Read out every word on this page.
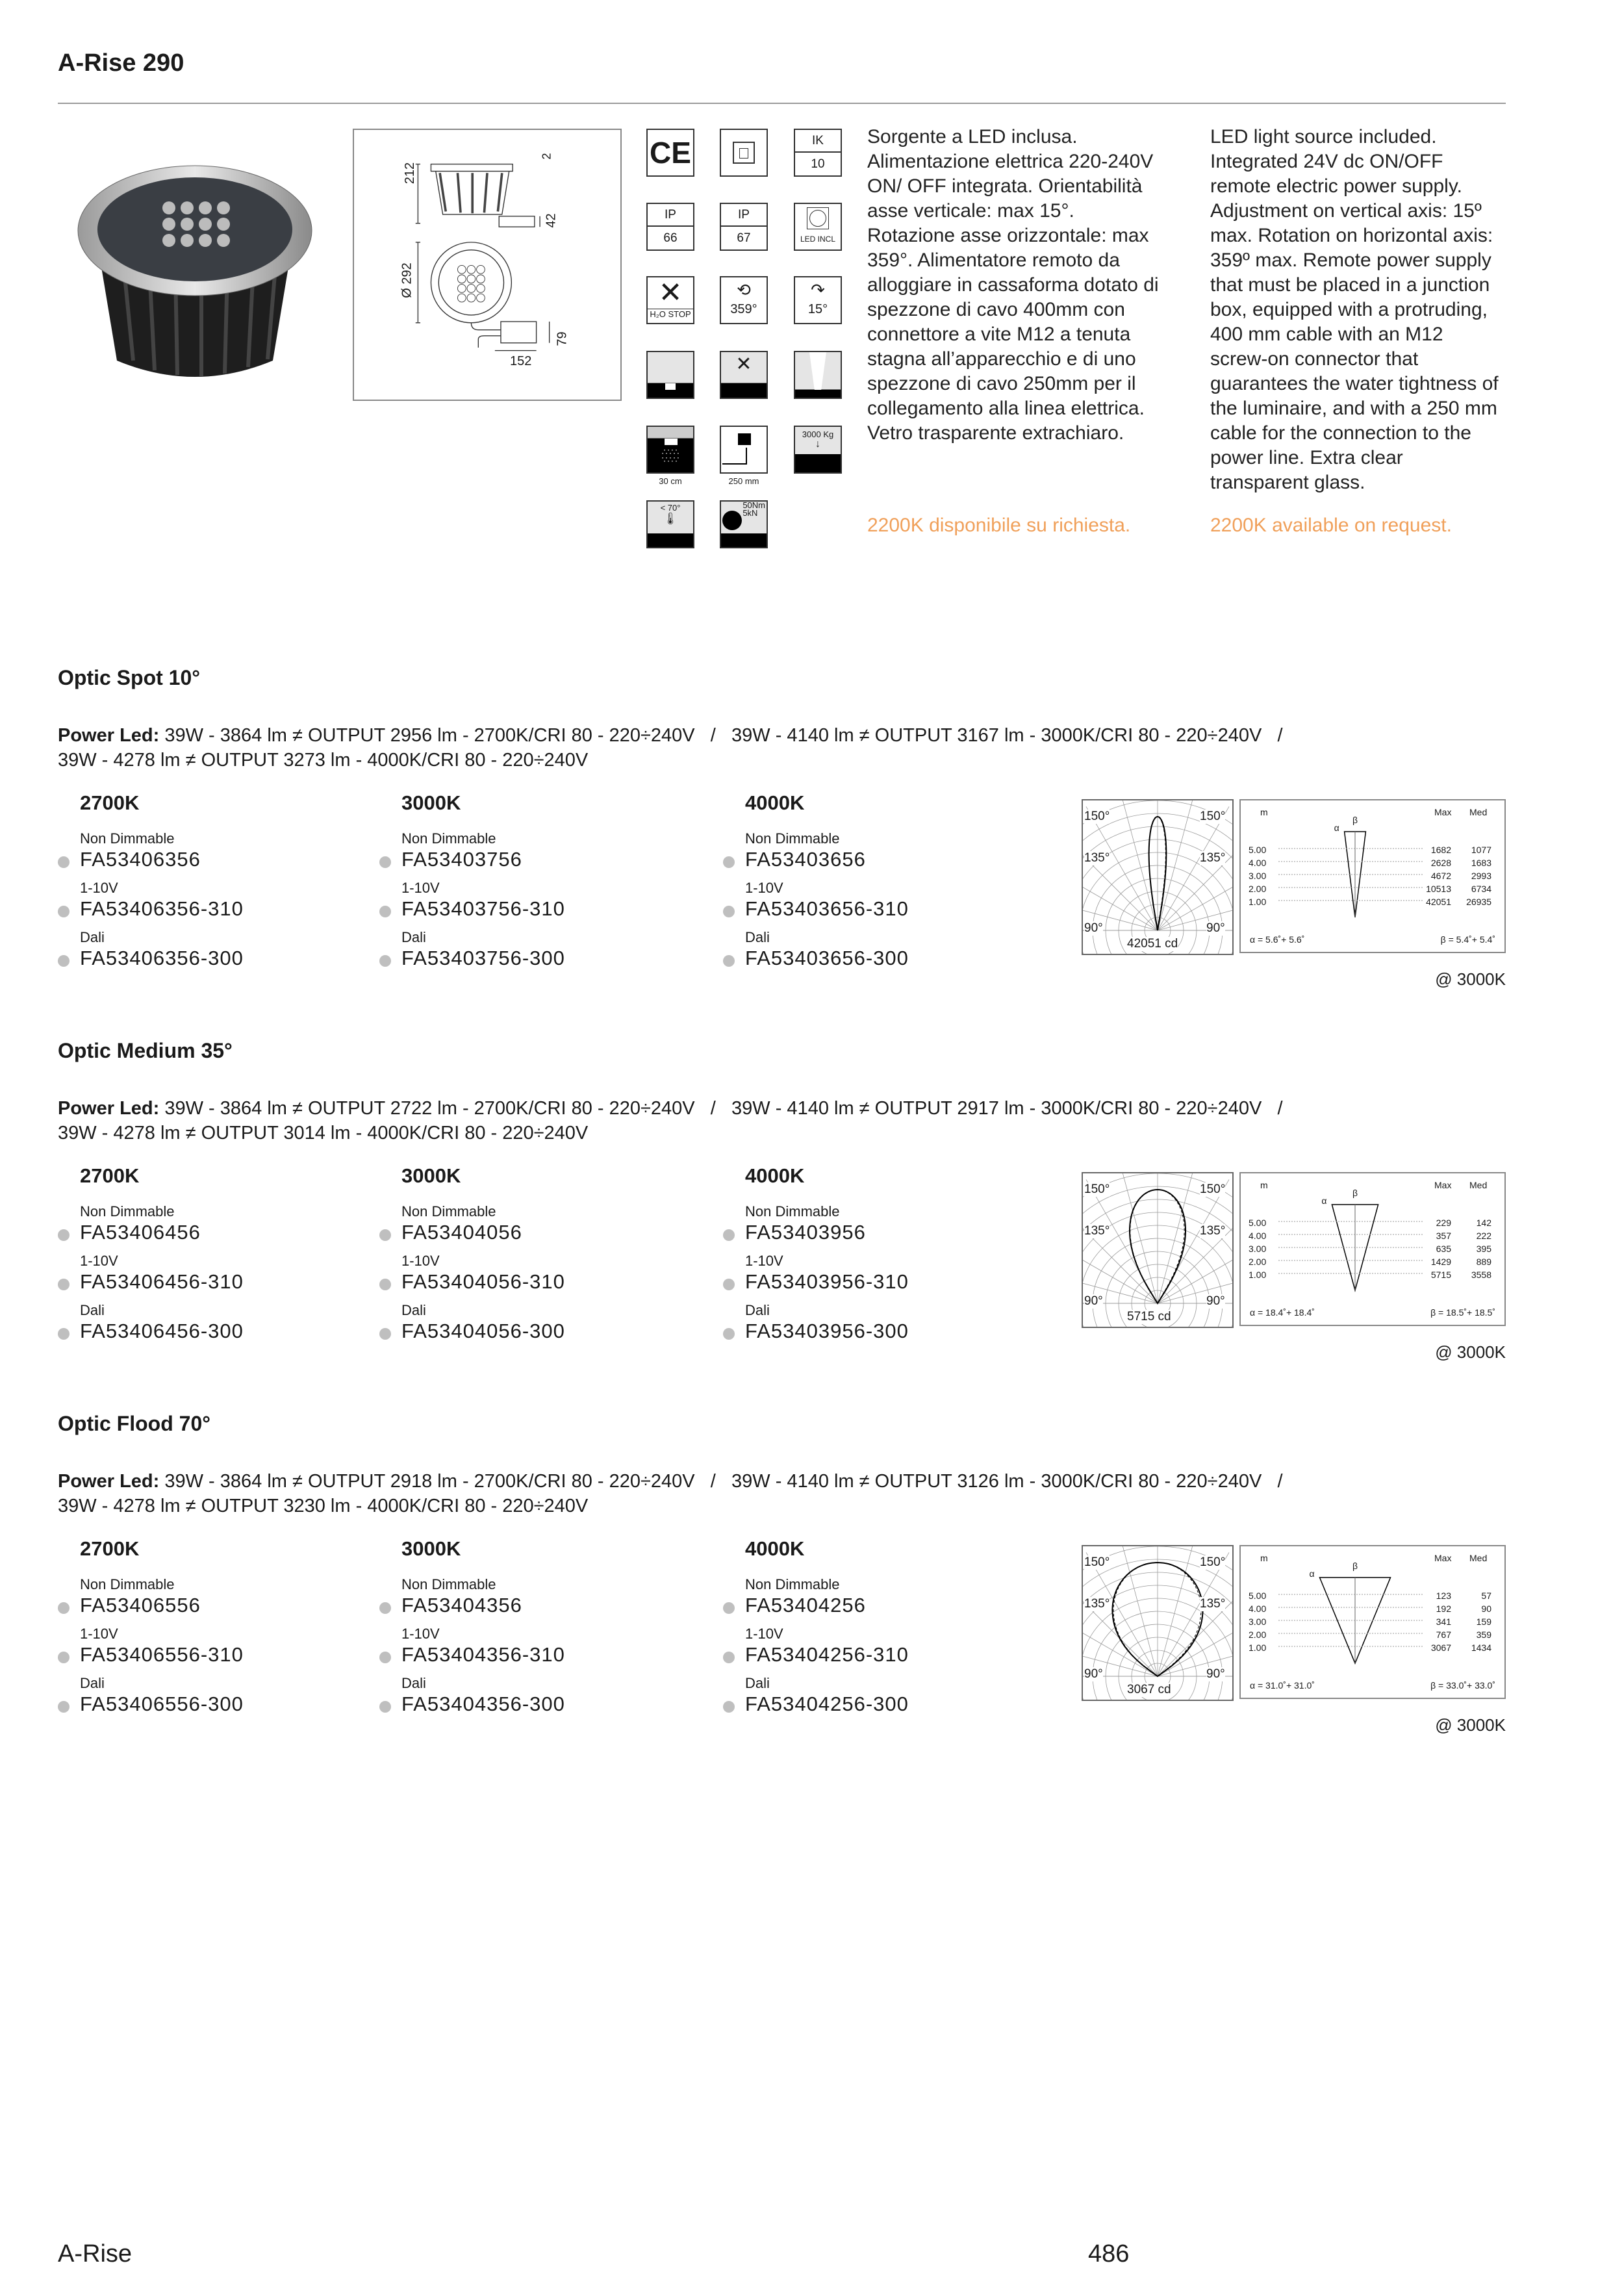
A-Rise 290
212
2
42
Ø 292
79
152
CE	IK
10
IP
66
IP
67	LED INCL
✕
H₂O STOP
⟲
359°
↷
15°
✕
∴∵∴
∵∴∵
30 cm	250 mm
3000 Kg
↓
< 70°
🌡
50Nm
5kN
Sorgente a LED inclusa. Alimentazione elettrica 220-240V ON/ OFF integrata. Orientabilità asse verticale: max 15°. Rotazione asse orizzontale: max 359°. Alimentatore remoto da alloggiare in cassaforma dotato di spezzone di cavo 400mm con connettore a vite M12 a tenuta stagna all’apparecchio e di uno spezzone di cavo 250mm per il collegamento alla linea elettrica. Vetro trasparente extrachiaro.
LED light source included. Integrated 24V dc ON/OFF remote electric power supply. Adjustment on vertical axis: 15º max. Rotation on horizontal axis: 359º max. Remote power supply that must be placed in a junction box, equipped with a protruding, 400 mm cable with an M12 screw-on connector that guarantees the water tightness of the luminaire, and with a 250 mm cable for the connection to the power line. Extra clear transparent glass.
2200K disponibile su richiesta.	2200K available on request.
Optic Spot 10°
Power Led: 39W - 3864 lm ≠ OUTPUT 2956 lm - 2700K/CRI 80 - 220÷240V   /   39W - 4140 lm ≠ OUTPUT 3167 lm - 3000K/CRI 80 - 220÷240V   /
39W - 4278 lm ≠ OUTPUT 3273 lm - 4000K/CRI 80 - 220÷240V
2700K
Non Dimmable
FA53406356
1-10V
FA53406356-310
Dali
FA53406356-300
3000K
Non Dimmable
FA53403756
1-10V
FA53403756-310
Dali
FA53403756-300
4000K
Non Dimmable
FA53403656
1-10V
FA53403656-310
Dali
FA53403656-300
150°	150°
135°	135°
90°	90°
42051 cd
m	Max Med
5.00	1682	1077
4.00	2628	1683
3.00	4672	2993
2.00	10513	6734
1.00	42051	26935
α
β
α = 5.6˚+ 5.6˚	β = 5.4˚+ 5.4˚
@ 3000K
Optic Medium 35°
Power Led: 39W - 3864 lm ≠ OUTPUT 2722 lm - 2700K/CRI 80 - 220÷240V   /   39W - 4140 lm ≠ OUTPUT 2917 lm - 3000K/CRI 80 - 220÷240V   /
39W - 4278 lm ≠ OUTPUT 3014 lm - 4000K/CRI 80 - 220÷240V
2700K
Non Dimmable
FA53406456
1-10V
FA53406456-310
Dali
FA53406456-300
3000K
Non Dimmable
FA53404056
1-10V
FA53404056-310
Dali
FA53404056-300
4000K
Non Dimmable
FA53403956
1-10V
FA53403956-310
Dali
FA53403956-300
150°	150°
135°	135°
90°	90°
5715 cd
m	Max Med
5.00	229	142
4.00	357	222
3.00	635	395
2.00	1429	889
1.00	5715	3558
α
β
α = 18.4˚+ 18.4˚	β = 18.5˚+ 18.5˚
@ 3000K
Optic Flood 70°
Power Led: 39W - 3864 lm ≠ OUTPUT 2918 lm - 2700K/CRI 80 - 220÷240V   /   39W - 4140 lm ≠ OUTPUT 3126 lm - 3000K/CRI 80 - 220÷240V   /
39W - 4278 lm ≠ OUTPUT 3230 lm - 4000K/CRI 80 - 220÷240V
2700K
Non Dimmable
FA53406556
1-10V
FA53406556-310
Dali
FA53406556-300
3000K
Non Dimmable
FA53404356
1-10V
FA53404356-310
Dali
FA53404356-300
4000K
Non Dimmable
FA53404256
1-10V
FA53404256-310
Dali
FA53404256-300
150°	150°
135°	135°
90°	90°
3067 cd
m	Max Med
5.00	123	57
4.00	192	90
3.00	341	159
2.00	767	359
1.00	3067	1434
α
β
α = 31.0˚+ 31.0˚	β = 33.0˚+ 33.0˚
@ 3000K
A-Rise	486
